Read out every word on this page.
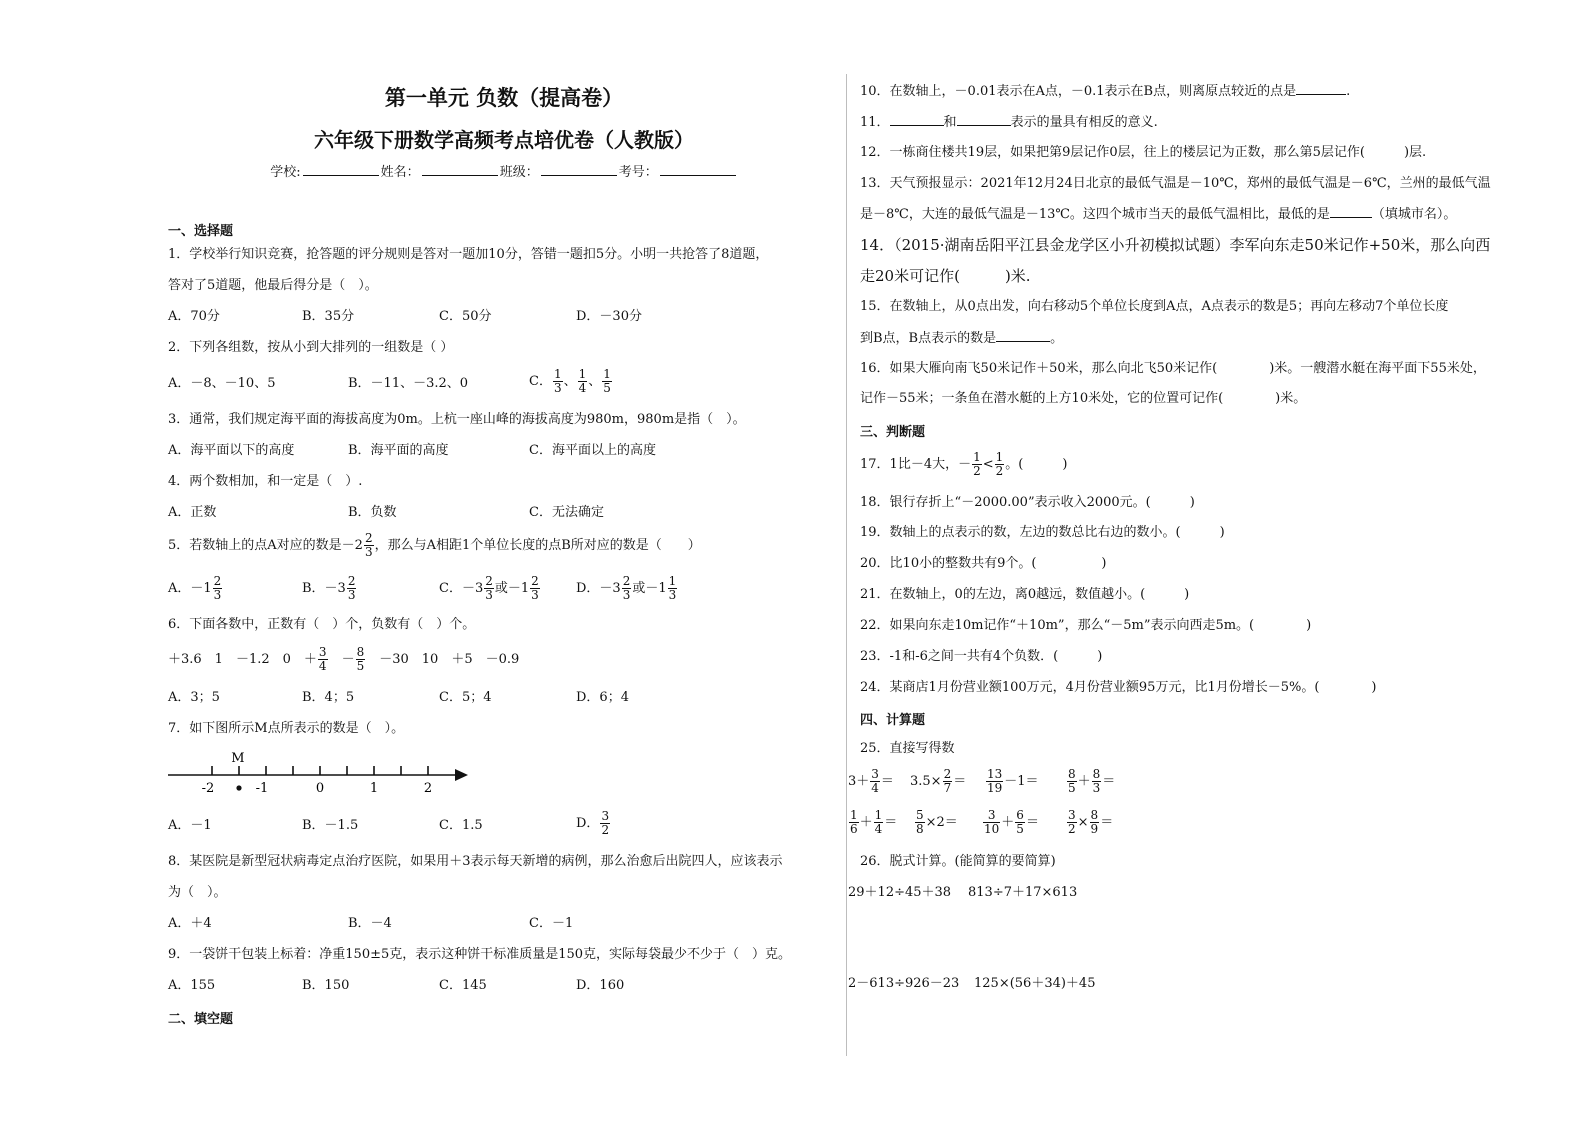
第一单元 负数（提高卷）
六年级下册数学高频考点培优卷（人教版）
学校:	姓名：	班级：	考号：
一、选择题
1．学校举行知识竞赛，抢答题的评分规则是答对一题加10分，答错一题扣5分。小明一共抢答了8道题，
答对了5道题，他最后得分是（　）。
A．70分	B．35分	C．50分	D．－30分
2．下列各组数，按从小到大排列的一组数是（ ）
A．－8、－10、5	B．－11、－3.2、0	C． $\frac{1}{3}$ 、 $\frac{1}{4}$ 、 $\frac{1}{5}$
3．通常，我们规定海平面的海拔高度为0m。上杭一座山峰的海拔高度为980m，980m是指（　）。
A．海平面以下的高度	B．海平面的高度	C．海平面以上的高度
4．两个数相加，和一定是（　）.
A．正数	B．负数	C．无法确定
5．若数轴上的点A对应的数是$-2 \frac{2}{3}$ ，那么与A相距1个单位长度的点B所对应的数是（　　）
A．$-1 \frac{2}{3}$	B．$-3 \frac{2}{3}$	C．$-3 \frac{2}{3}$ 或$-1 \frac{2}{3}$	D．$-3 \frac{2}{3}$ 或$-1 \frac{1}{3}$
6．下面各数中，正数有（　）个，负数有（　）个。
＋3.6　1　－1.2　0　＋ $\frac{3}{4}$
　 － $\frac{8}{5}$
　 －30　10　＋5　－0.9
A．3；5	B．4；5	C．5；4	D．6；4
7．如下图所示M点所表示的数是（　）。
-2	-1	0	1	2
M
A．－1	B．－1.5	C．1.5	D． $\frac{3}{2}$
8．某医院是新型冠状病毒定点治疗医院，如果用＋3表示每天新增的病例，那么治愈后出院四人，应该表示
为（　）。
A．＋4	B．－4	C．－1
9．一袋饼干包装上标着：净重150±5克，表示这种饼干标准质量是150克，实际每袋最少不少于（　）克。
A．155	B．150	C．145	D．160
二、填空题
10．在数轴上，－0.01表示在A点，－0.1表示在B点，则离原点较近的点是	.
11．	和	表示的量具有相反的意义.
12．一栋商住楼共19层，如果把第9层记作0层，往上的楼层记为正数，那么第5层记作(　　　)层.
13．天气预报显示：2021年12月24日北京的最低气温是－10℃，郑州的最低气温是－6℃，兰州的最低气温
是－8℃，大连的最低气温是－13℃。这四个城市当天的最低气温相比，最低的是	（填城市名）。
14．（2015·湖南岳阳平江县金龙学区小升初模拟试题）李军向东走50米记作+50米，那么向西
走20米可记作(　　　)米.
15．在数轴上，从0点出发，向右移动5个单位长度到A点，A点表示的数是5；再向左移动7个单位长度
到B点，B点表示的数是	。
16．如果大雁向南飞50米记作＋50米，那么向北飞50米记作(　　　　)米。一艘潜水艇在海平面下55米处，
记作－55米；一条鱼在潜水艇的上方10米处，它的位置可记作(　　　　)米。
三、判断题
17．1比－4大，－ $\frac{1}{2} < \frac{1}{2}$ 。(　　　)
18．银行存折上“－2000.00”表示收入2000元。(　　　)
19．数轴上的点表示的数，左边的数总比右边的数小。(　　　)
20．比10小的整数共有9个。(　　　　　)
21．在数轴上，0的左边，离0越远，数值越小。(　　　)
22．如果向东走10m记作“＋10m”，那么“－5m”表示向西走5m。(　　　　)
23．-1和-6之间一共有4个负数．(　　　)
24．某商店1月份营业额100万元，4月份营业额95万元，比1月份增长－5%。(　　　　)
四、计算题
25．直接写得数
$3+ \frac{3}{4} = 3.5\times \frac{2}{7} = \frac{13}{19} -1= \frac{8}{5} + \frac{8}{3}$ ＝
$\frac{1}{6} + \frac{1}{4} = \frac{5}{8} \times 2= \frac{3}{10} + \frac{6}{5} = \frac{3}{2} \times \frac{8}{9}$ ＝
26．脱式计算。(能简算的要简算)
29＋12÷45＋38 813÷7＋17×613
2－613÷926－23 125×(56＋34)＋45
